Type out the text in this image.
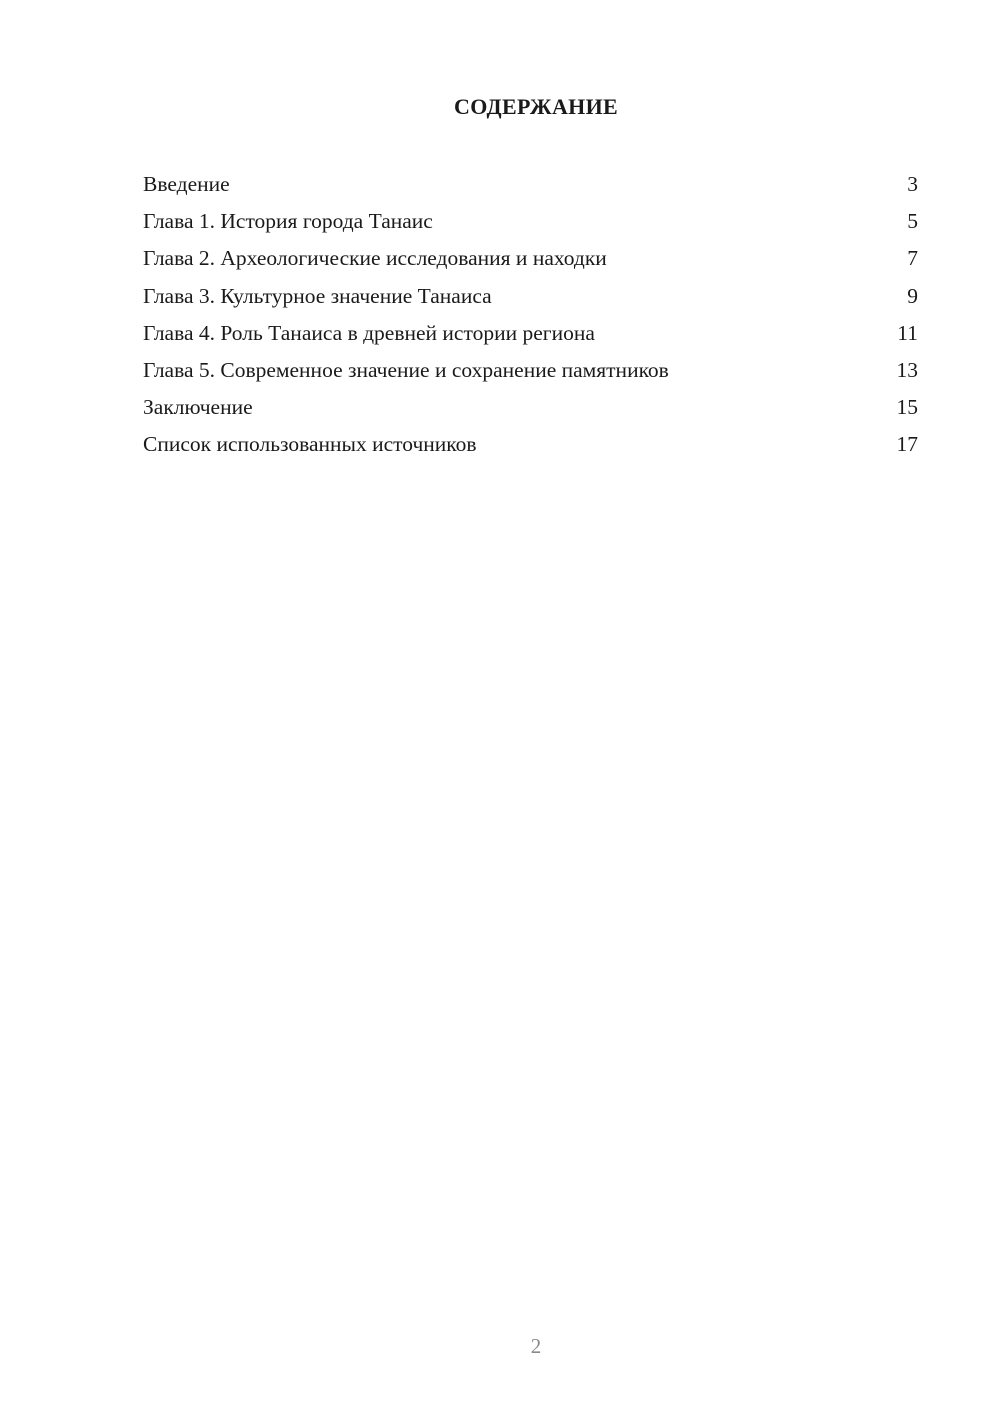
СОДЕРЖАНИЕ
Введение	3
Глава 1. История города Танаис	5
Глава 2. Археологические исследования и находки	7
Глава 3. Культурное значение Танаиса	9
Глава 4. Роль Танаиса в древней истории региона	11
Глава 5. Современное значение и сохранение памятников	13
Заключение	15
Список использованных источников	17
2
